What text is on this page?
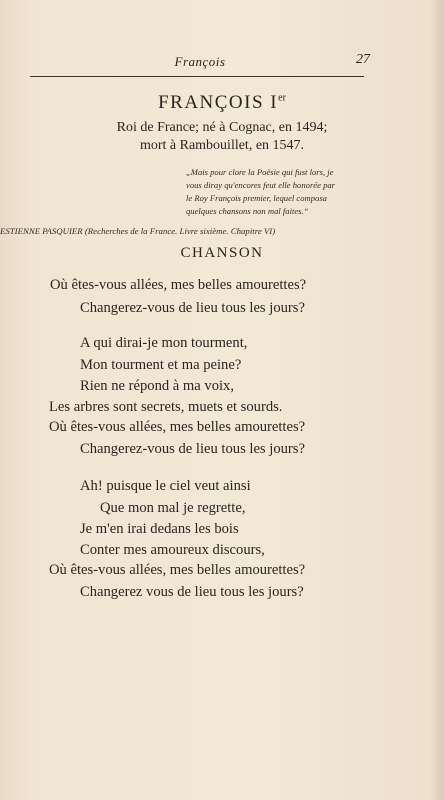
François	27
FRANÇOIS Ier
Roi de France; né à Cognac, en 1494;
mort à Rambouillet, en 1547.
„Mais pour clore la Poësie qui fust lors, je
vous diray qu'encores feut elle honorée par
le Roy François premier, lequel composa
quelques chansons non mal faites.“
ESTIENNE PASQUIER (Recherches de la France. Livre sixième. Chapitre VI)
CHANSON
Où êtes-vous allées, mes belles amourettes?
Changerez-vous de lieu tous les jours?
A qui dirai-je mon tourment,
Mon tourment et ma peine?
Rien ne répond à ma voix,
Les arbres sont secrets, muets et sourds.
Où êtes-vous allées, mes belles amourettes?
Changerez-vous de lieu tous les jours?
Ah! puisque le ciel veut ainsi
Que mon mal je regrette,
Je m'en irai dedans les bois
Conter mes amoureux discours,
Où êtes-vous allées, mes belles amourettes?
Changerez vous de lieu tous les jours?
